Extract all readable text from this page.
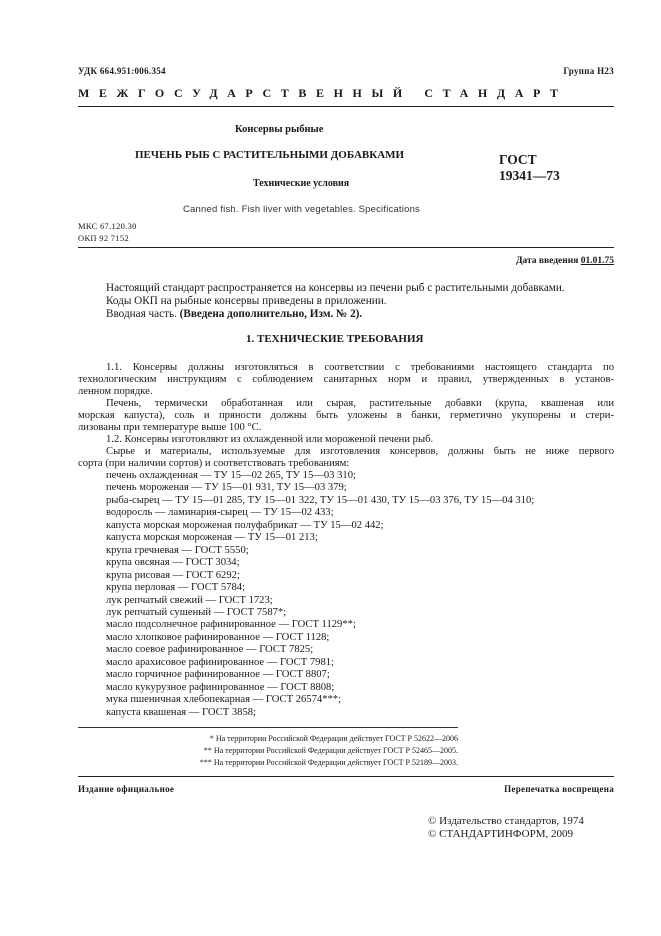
УДК 664.951:006.354	Группа Н23
МЕЖГОСУДАРСТВЕННЫЙ СТАНДАРТ
Консервы рыбные
ПЕЧЕНЬ РЫБ С РАСТИТЕЛЬНЫМИ ДОБАВКАМИ
Технические условия
Canned fish. Fish liver with vegetables. Specifications
ГОСТ
19341—73
МКС 67.120.30
ОКП 92 7152
Дата введения 01.01.75
Настоящий стандарт распространяется на консервы из печени рыб с растительными добавками.
Коды ОКП на рыбные консервы приведены в приложении.
Вводная часть. (Введена дополнительно, Изм. № 2).
1. ТЕХНИЧЕСКИЕ ТРЕБОВАНИЯ
1.1. Консервы должны изготовляться в соответствии с требованиями настоящего стандарта по
технологическим инструкциям с соблюдением санитарных норм и правил, утвержденных в установ-
ленном порядке.
Печень, термически обработанная или сырая, растительные добавки (крупа, квашеная или
морская капуста), соль и пряности должны быть уложены в банки, герметично укупорены и стери-
лизованы при температуре выше 100 °С.
1.2. Консервы изготовляют из охлажденной или мороженой печени рыб.
Сырье и материалы, используемые для изготовления консервов, должны быть не ниже первого
сорта (при наличии сортов) и соответствовать требованиям:
печень охлажденная — ТУ 15—02 265, ТУ 15—03 310;
печень мороженая — ТУ 15—01 931, ТУ 15—03 379;
рыба-сырец — ТУ 15—01 285, ТУ 15—01 322, ТУ 15—01 430, ТУ 15—03 376, ТУ 15—04 310;
водоросль — ламинария-сырец — ТУ 15—02 433;
капуста морская мороженая полуфабрикат — ТУ 15—02 442;
капуста морская мороженая — ТУ 15—01 213;
крупа гречневая — ГОСТ 5550;
крупа овсяная — ГОСТ 3034;
крупа рисовая — ГОСТ 6292;
крупа перловая — ГОСТ 5784;
лук репчатый свежий — ГОСТ 1723;
лук репчатый сушеный — ГОСТ 7587*;
масло подсолнечное рафинированное — ГОСТ 1129**;
масло хлопковое рафинированное — ГОСТ 1128;
масло соевое рафинированное — ГОСТ 7825;
масло арахисовое рафинированное — ГОСТ 7981;
масло горчичное рафинированное — ГОСТ 8807;
масло кукурузное рафинированное — ГОСТ 8808;
мука пшеничная хлебопекарная — ГОСТ 26574***;
капуста квашеная — ГОСТ 3858;
* На территории Российской Федерации действует ГОСТ Р 52622—2006
** На территории Российской Федерации действует ГОСТ Р 52465—2005.
*** На территории Российской Федерации действует ГОСТ Р 52189—2003.
Издание официальное	Перепечатка воспрещена
© Издательство стандартов, 1974
© СТАНДАРТИНФОРМ, 2009
